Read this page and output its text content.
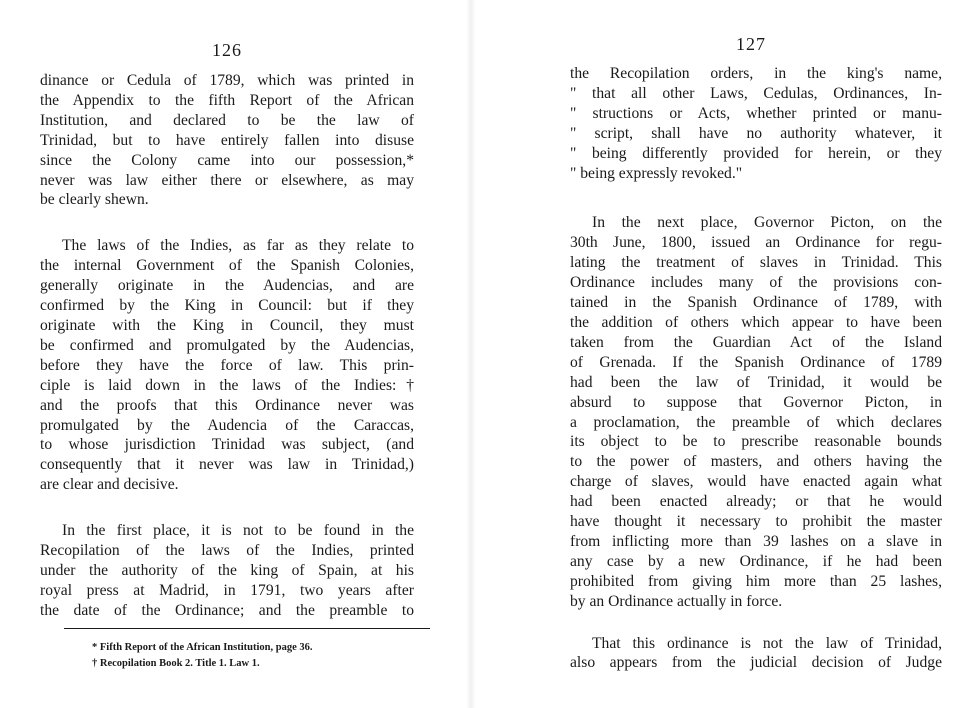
126

dinance or Cedula of 1789, which was printed in
the Appendix to the fifth Report of the African
Institution, and declared to be the law of
Trinidad, but to have entirely fallen into disuse
since the Colony came into our possession,*
never was law either there or elsewhere, as may
be clearly shewn.

The laws of the Indies, as far as they relate to
the internal Government of the Spanish Colonies,
generally originate in the Audencias, and are
confirmed by the King in Council: but if they
originate with the King in Council, they must
be confirmed and promulgated by the Audencias,
before they have the force of law. This prin-
ciple is laid down in the laws of the Indies:†
and the proofs that this Ordinance never was
promulgated by the Audencia of the Caraccas,
to whose jurisdiction Trinidad was subject, (and
consequently that it never was law in Trinidad,)
are clear and decisive.

In the first place, it is not to be found in the
Recopilation of the laws of the Indies, printed
under the authority of the king of Spain, at his
royal press at Madrid, in 1791, two years after
the date of the Ordinance; and the preamble to

* Fifth Report of the African Institution, page 36.
† Recopilation Book 2. Title 1. Law 1.
127

the Recopilation orders, in the king's name,
" that all other Laws, Cedulas, Ordinances, In-
" structions or Acts, whether printed or manu-
" script, shall have no authority whatever, it
" being differently provided for herein, or they
" being expressly revoked."

In the next place, Governor Picton, on the
30th June, 1800, issued an Ordinance for regu-
lating the treatment of slaves in Trinidad. This
Ordinance includes many of the provisions con-
tained in the Spanish Ordinance of 1789, with
the addition of others which appear to have been
taken from the Guardian Act of the Island
of Grenada. If the Spanish Ordinance of 1789
had been the law of Trinidad, it would be
absurd to suppose that Governor Picton, in
a proclamation, the preamble of which declares
its object to be to prescribe reasonable bounds
to the power of masters, and others having the
charge of slaves, would have enacted again what
had been enacted already; or that he would
have thought it necessary to prohibit the master
from inflicting more than 39 lashes on a slave in
any case by a new Ordinance, if he had been
prohibited from giving him more than 25 lashes,
by an Ordinance actually in force.

That this ordinance is not the law of Trinidad,
also appears from the judicial decision of Judge
